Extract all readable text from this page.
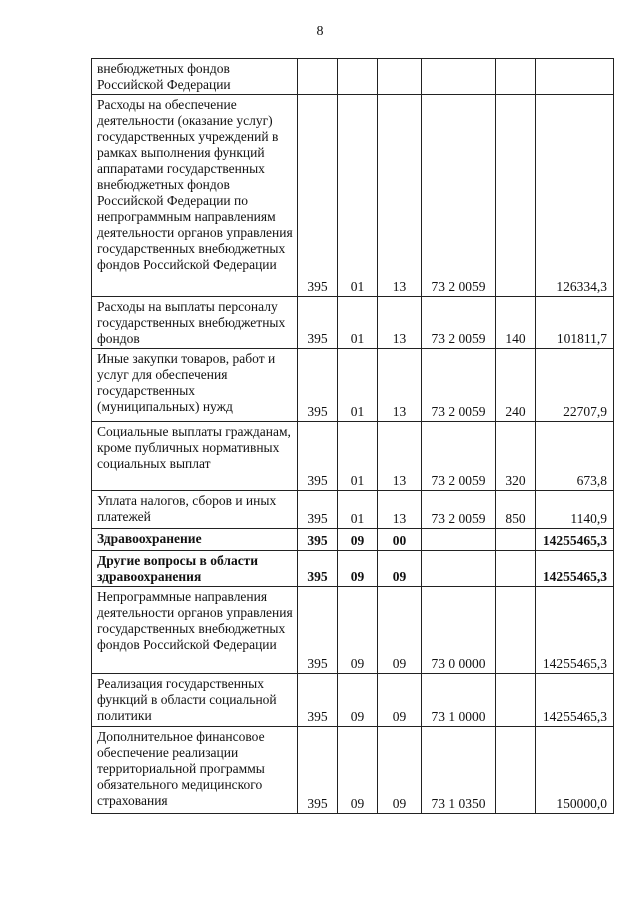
8
внебюджетных фондов Российской Федерации						
Расходы на обеспечение деятельности (оказание услуг) государственных учреждений в рамках выполнения функций аппаратами государственных внебюджетных фондов Российской Федерации по непрограммным направлениям деятельности органов управления государственных внебюджетных фондов Российской Федерации	395	01	13	73 2 0059		126334,3
Расходы на выплаты персоналу государственных внебюджетных фондов	395	01	13	73 2 0059	140	101811,7
Иные закупки товаров, работ и услуг для обеспечения государственных (муниципальных) нужд	395	01	13	73 2 0059	240	22707,9
Социальные выплаты гражданам, кроме публичных нормативных социальных выплат	395	01	13	73 2 0059	320	673,8
Уплата налогов, сборов и иных платежей	395	01	13	73 2 0059	850	1140,9
Здравоохранение	395	09	00			14255465,3
Другие вопросы в области здравоохранения	395	09	09			14255465,3
Непрограммные направления деятельности органов управления государственных внебюджетных фондов Российской Федерации	395	09	09	73 0 0000		14255465,3
Реализация государственных функций в области социальной политики	395	09	09	73 1 0000		14255465,3
Дополнительное финансовое обеспечение реализации территориальной программы обязательного медицинского страхования	395	09	09	73 1 0350		150000,0
